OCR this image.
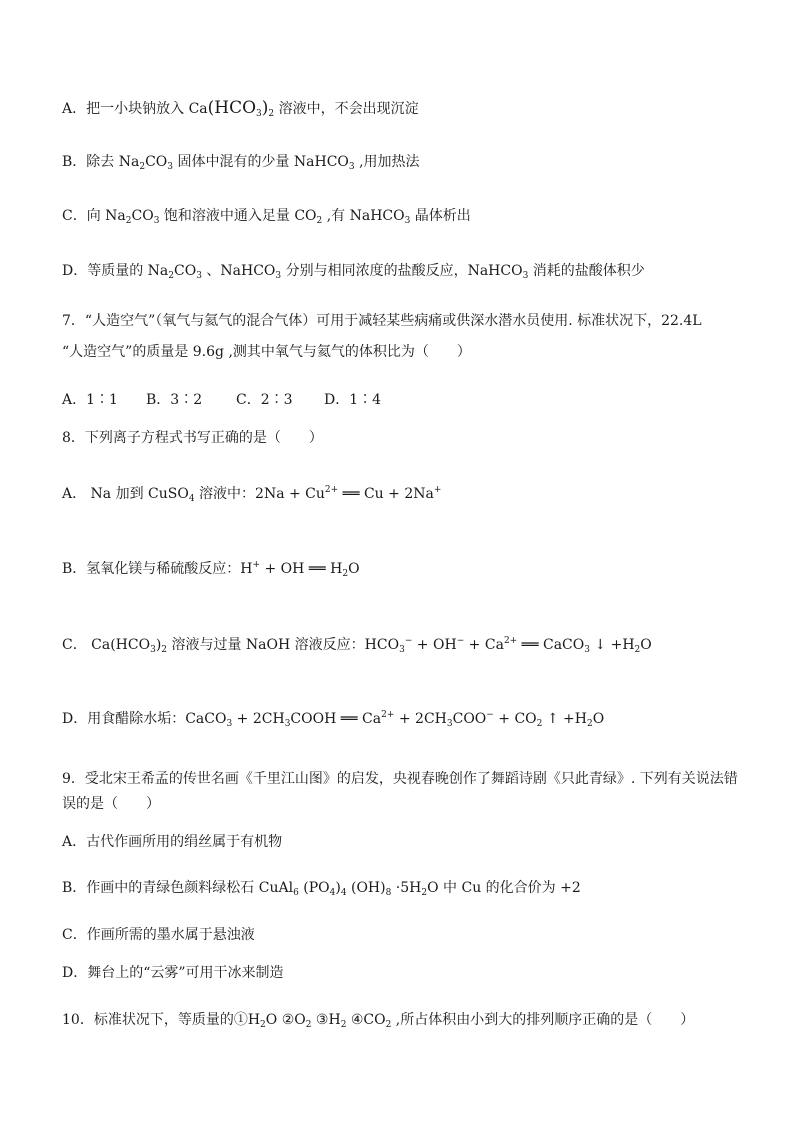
A．把一小块钠放入 $Ca(HCO_3)_2$ 溶液中，不会出现沉淀
B．除去 $Na_2CO_3$ 固体中混有的少量 NaHCO$_3$ ,用加热法
C．向 $Na_2CO_3$ 饱和溶液中通入足量 $CO_2$ ,有 NaHCO$_3$ 晶体析出
D．等质量的 $Na_2CO_3$ 、NaHCO$_3$ 分别与相同浓度的盐酸反应，NaHCO$_3$ 消耗的盐酸体积少
7．“人造空气”（氧气与氦气的混合气体）可用于减轻某些病痛或供深水潜水员使用. 标准状况下，22.4L
“人造空气”的质量是 9.6g ,测其中氧气与氦气的体积比为（　　）
A．1∶1 B．3∶2 C．2∶3 D．1∶4
8．下列离子方程式书写正确的是（　　）
A． Na 加到 CuSO$_4$ 溶液中：$2Na + Cu^{2+}$ ══ Cu + 2Na+
B．氢氧化镁与稀硫酸反应：H+ + OH ══ $H_2O$
C． $Ca(HCO_3)_2$ 溶液与过量 NaOH 溶液反应：$HCO_3^- + OH^- + Ca^{2+}$ ══ CaCO$_3$ ↓ $+H_2O$
D．用食醋除水垢：CaCO$_3$ + $2CH_3COOH$ ══ $Ca^{2+} + 2CH_3COO^- + CO_2$ ↑ $+H_2O$
9．受北宋王希孟的传世名画《千里江山图》的启发，央视春晚创作了舞蹈诗剧《只此青绿》. 下列有关说法错
误的是（　　）
A．古代作画所用的绢丝属于有机物
B．作画中的青绿色颜料绿松石 CuAl$_6$ $(PO_4)_4$ $(OH)_8 \cdot 5H_2O$ 中 Cu 的化合价为 +2
C．作画所需的墨水属于悬浊液
D．舞台上的“云雾”可用干冰来制造
10．标准状况下，等质量的$①H_2O$ $②O_2$ $③H_2$ $④CO_2$ ,所占体积由小到大的排列顺序正确的是（　　）
